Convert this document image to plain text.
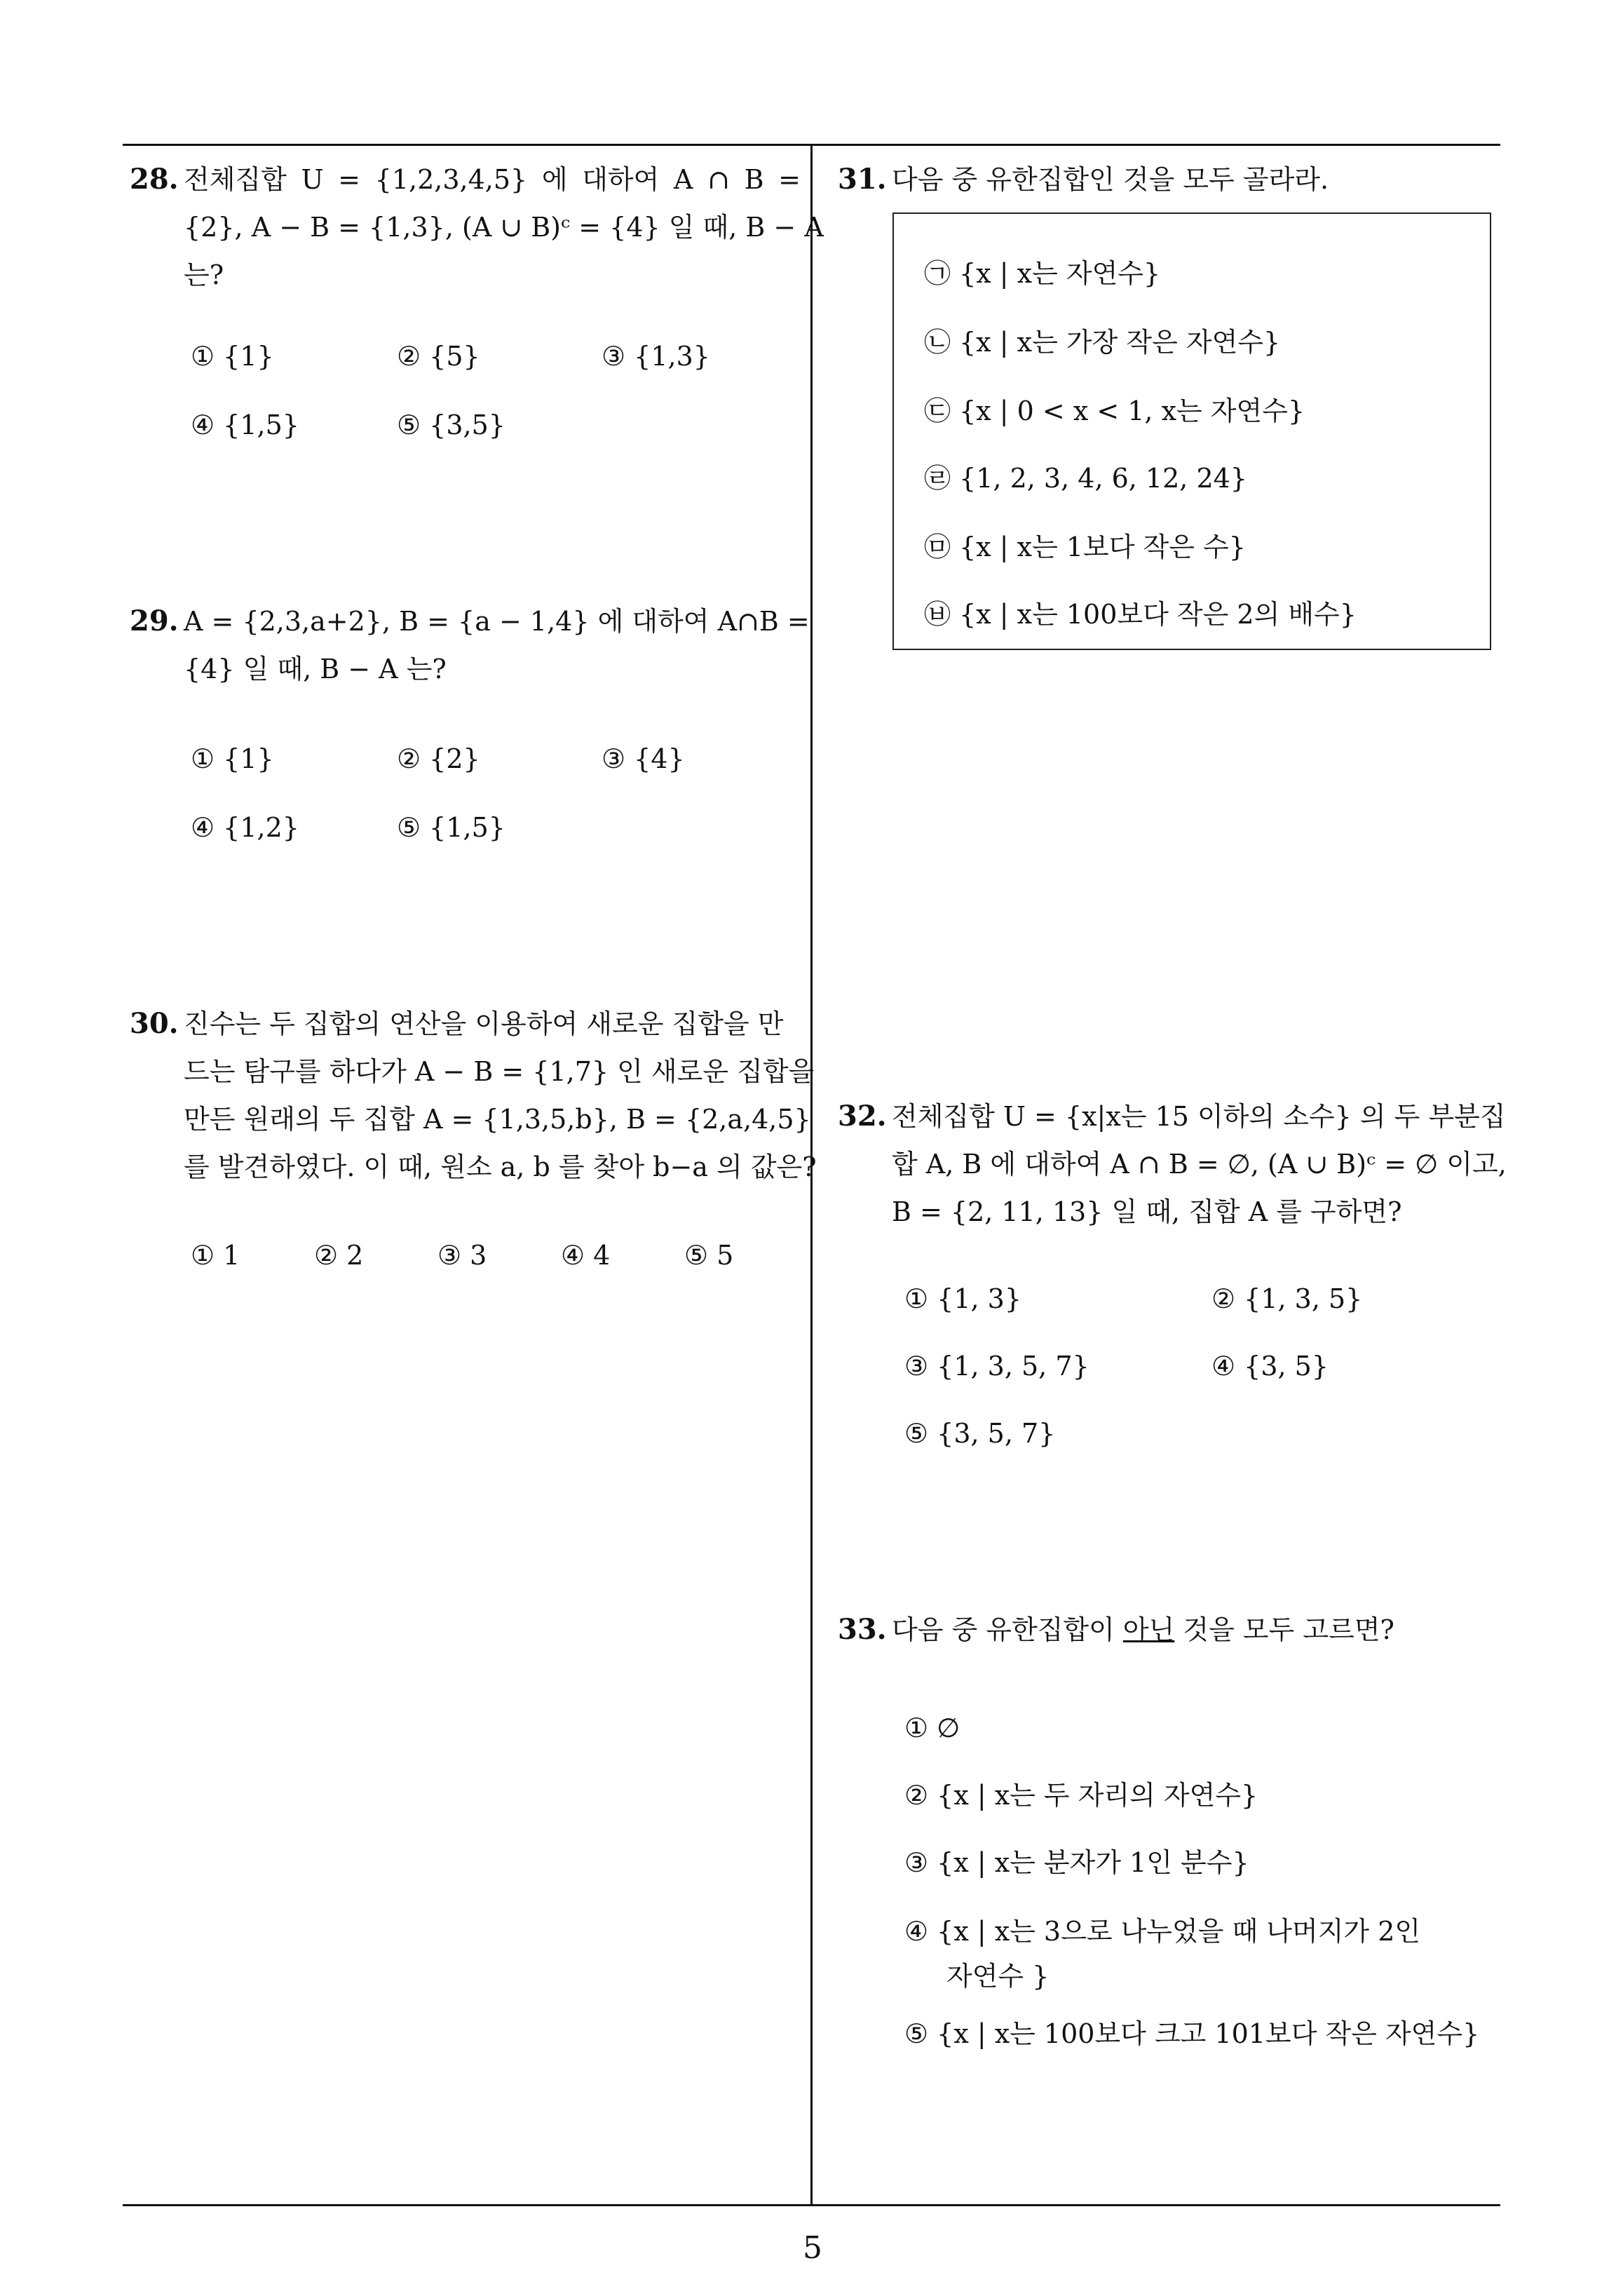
28. 전체집합 U = {1,2,3,4,5} 에 대하여 A ∩ B =
{2}, A − B = {1,3}, (A ∪ B)ᶜ = {4} 일 때, B − A
는?
① {1}	② {5}	③ {1,3}
④ {1,5}	⑤ {3,5}
29. A = {2,3,a+2}, B = {a − 1,4} 에 대하여 A∩B =
{4} 일 때, B − A 는?
① {1}	② {2}	③ {4}
④ {1,2}	⑤ {1,5}
30. 진수는 두 집합의 연산을 이용하여 새로운 집합을 만
드는 탐구를 하다가 A − B = {1,7} 인 새로운 집합을
만든 원래의 두 집합 A = {1,3,5,b}, B = {2,a,4,5}
를 발견하였다. 이 때, 원소 a, b 를 찾아 b−a 의 값은?
① 1	② 2	③ 3	④ 4	⑤ 5
31. 다음 중 유한집합인 것을 모두 골라라.
㉠ {x | x는 자연수}
㉡ {x | x는 가장 작은 자연수}
㉢ {x | 0 < x < 1, x는 자연수}
㉣ {1, 2, 3, 4, 6, 12, 24}
㉤ {x | x는 1보다 작은 수}
㉥ {x | x는 100보다 작은 2의 배수}
32. 전체집합 U = {x|x는 15 이하의 소수} 의 두 부분집
합 A, B 에 대하여 A ∩ B = ∅, (A ∪ B)ᶜ = ∅ 이고,
B = {2, 11, 13} 일 때, 집합 A 를 구하면?
① {1, 3}	② {1, 3, 5}
③ {1, 3, 5, 7}	④ {3, 5}
⑤ {3, 5, 7}
33. 다음 중 유한집합이 아닌 것을 모두 고르면?
① ∅
② {x | x는 두 자리의 자연수}
③ {x | x는 분자가 1인 분수}
④ {x | x는 3으로 나누었을 때 나머지가 2인
자연수 }
⑤ {x | x는 100보다 크고 101보다 작은 자연수}
5
